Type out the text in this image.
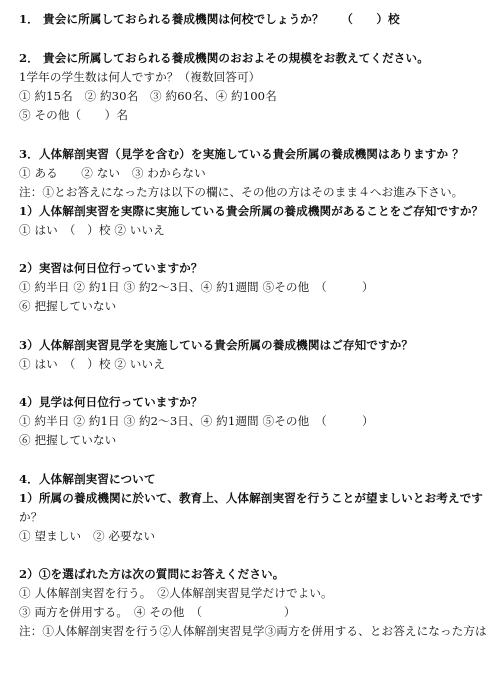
1． 貴会に所属しておられる養成機関は何校でしょうか？　　（　　）校
2． 貴会に所属しておられる養成機関のおおよその規模をお教えてください。
1学年の学生数は何人ですか？（複数回答可）
① 約15名　② 約30名　③ 約60名、④ 約100名
⑤ その他（　　）名
3．人体解剖実習（見学を含む）を実施している貴会所属の養成機関はありますか ？
① ある　　② ない　③ わからない
注：①とお答えになった方は以下の欄に、その他の方はそのまま４へお進み下さい。
1）人体解剖実習を実際に実施している貴会所属の養成機関があることをご存知ですか？
① はい　（　）校 ② いいえ
2）実習は何日位行っていますか？
① 約半日 ② 約1日 ③ 約2～3日、④ 約1週間 ⑤その他　（　　　）
⑥ 把握していない
3）人体解剖実習見学を実施している貴会所属の養成機関はご存知ですか？
① はい　（　）校 ② いいえ
4）見学は何日位行っていますか？
① 約半日 ② 約1日 ③ 約2～3日、④ 約1週間 ⑤その他　（　　　）
⑥ 把握していない
4．人体解剖実習について
1）所属の養成機関に於いて、教育上、人体解剖実習を行うことが望ましいとお考えです
か？
① 望ましい　② 必要ない
2）①を選ばれた方は次の質問にお答えください。
① 人体解剖実習を行う。　②人体解剖実習見学だけでよい。
③ 両方を併用する。　④ その他　（　　　　　　　）
注：①人体解剖実習を行う②人体解剖実習見学③両方を併用する、とお答えになった方は
